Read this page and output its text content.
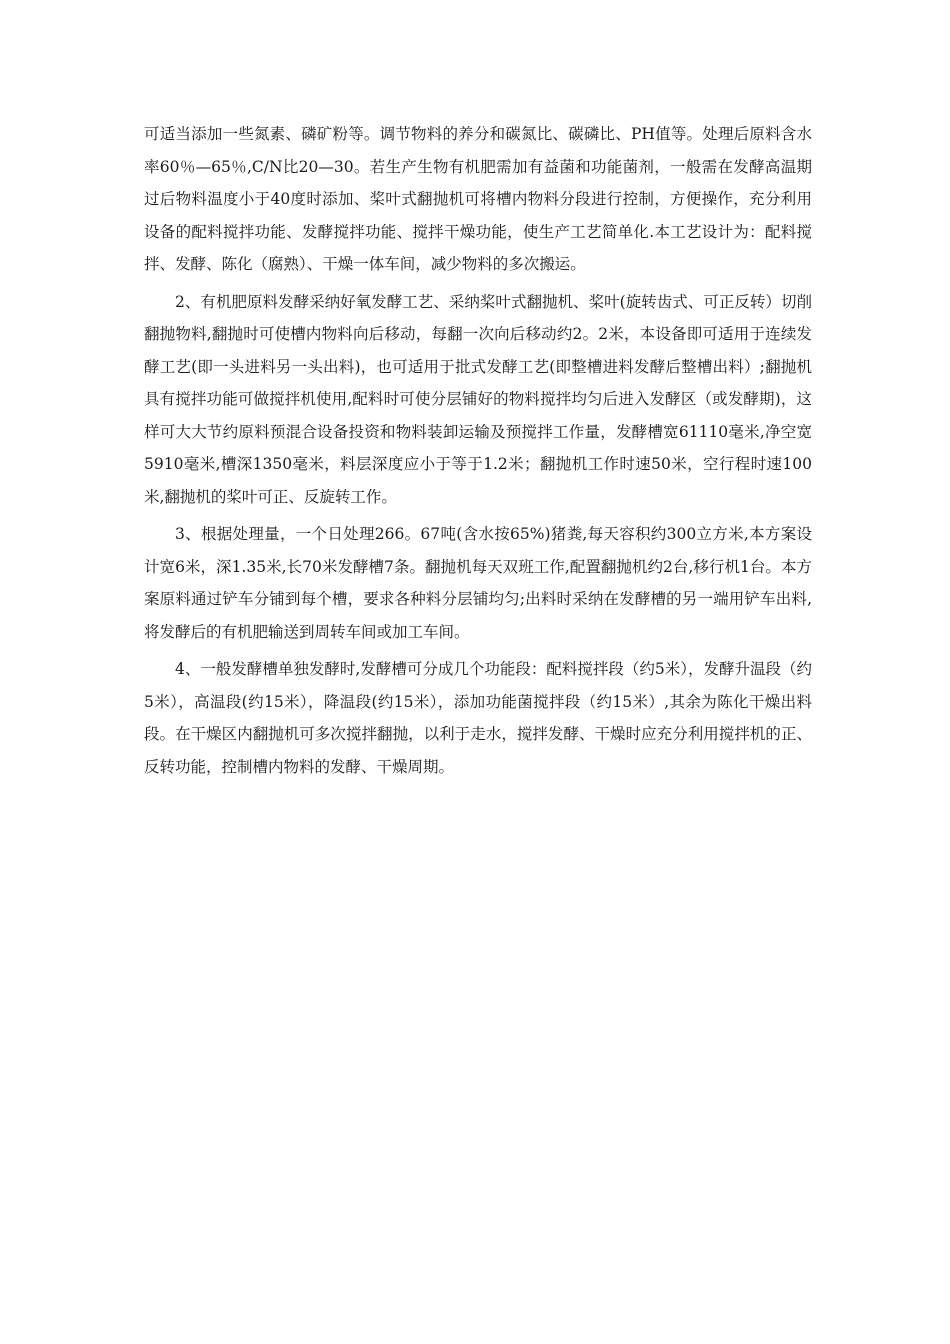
可适当添加一些氮素、磷矿粉等。调节物料的养分和碳氮比、碳磷比、PH值等。处理后原料含水率60％—65％,C/N比20—30。若生产生物有机肥需加有益菌和功能菌剂，一般需在发酵高温期过后物料温度小于40度时添加、桨叶式翻抛机可将槽内物料分段进行控制，方便操作，充分利用设备的配料搅拌功能、发酵搅拌功能、搅拌干燥功能，使生产工艺简单化.本工艺设计为：配料搅拌、发酵、陈化（腐熟）、干燥一体车间，减少物料的多次搬运。

2、有机肥原料发酵采纳好氧发酵工艺、采纳桨叶式翻抛机、桨叶(旋转齿式、可正反转）切削翻抛物料,翻抛时可使槽内物料向后移动，每翻一次向后移动约2。2米，本设备即可适用于连续发酵工艺(即一头进料另一头出料)，也可适用于批式发酵工艺(即整槽进料发酵后整槽出料）;翻抛机具有搅拌功能可做搅拌机使用,配料时可使分层铺好的物料搅拌均匀后进入发酵区（或发酵期)，这样可大大节约原料预混合设备投资和物料装卸运输及预搅拌工作量，发酵槽宽61110毫米,净空宽5910毫米,槽深1350毫米，料层深度应小于等于1.2米；翻抛机工作时速50米，空行程时速100米,翻抛机的桨叶可正、反旋转工作。

3、根据处理量，一个日处理266。67吨(含水按65%)猪粪,每天容积约300立方米,本方案设计宽6米，深1.35米,长70米发酵槽7条。翻抛机每天双班工作,配置翻抛机约2台,移行机1台。本方案原料通过铲车分铺到每个槽，要求各种料分层铺均匀;出料时采纳在发酵槽的另一端用铲车出料,将发酵后的有机肥输送到周转车间或加工车间。

4、一般发酵槽单独发酵时,发酵槽可分成几个功能段：配料搅拌段（约5米），发酵升温段（约5米），高温段(约15米），降温段(约15米），添加功能菌搅拌段（约15米）,其余为陈化干燥出料段。在干燥区内翻抛机可多次搅拌翻抛，以利于走水，搅拌发酵、干燥时应充分利用搅拌机的正、反转功能，控制槽内物料的发酵、干燥周期。
